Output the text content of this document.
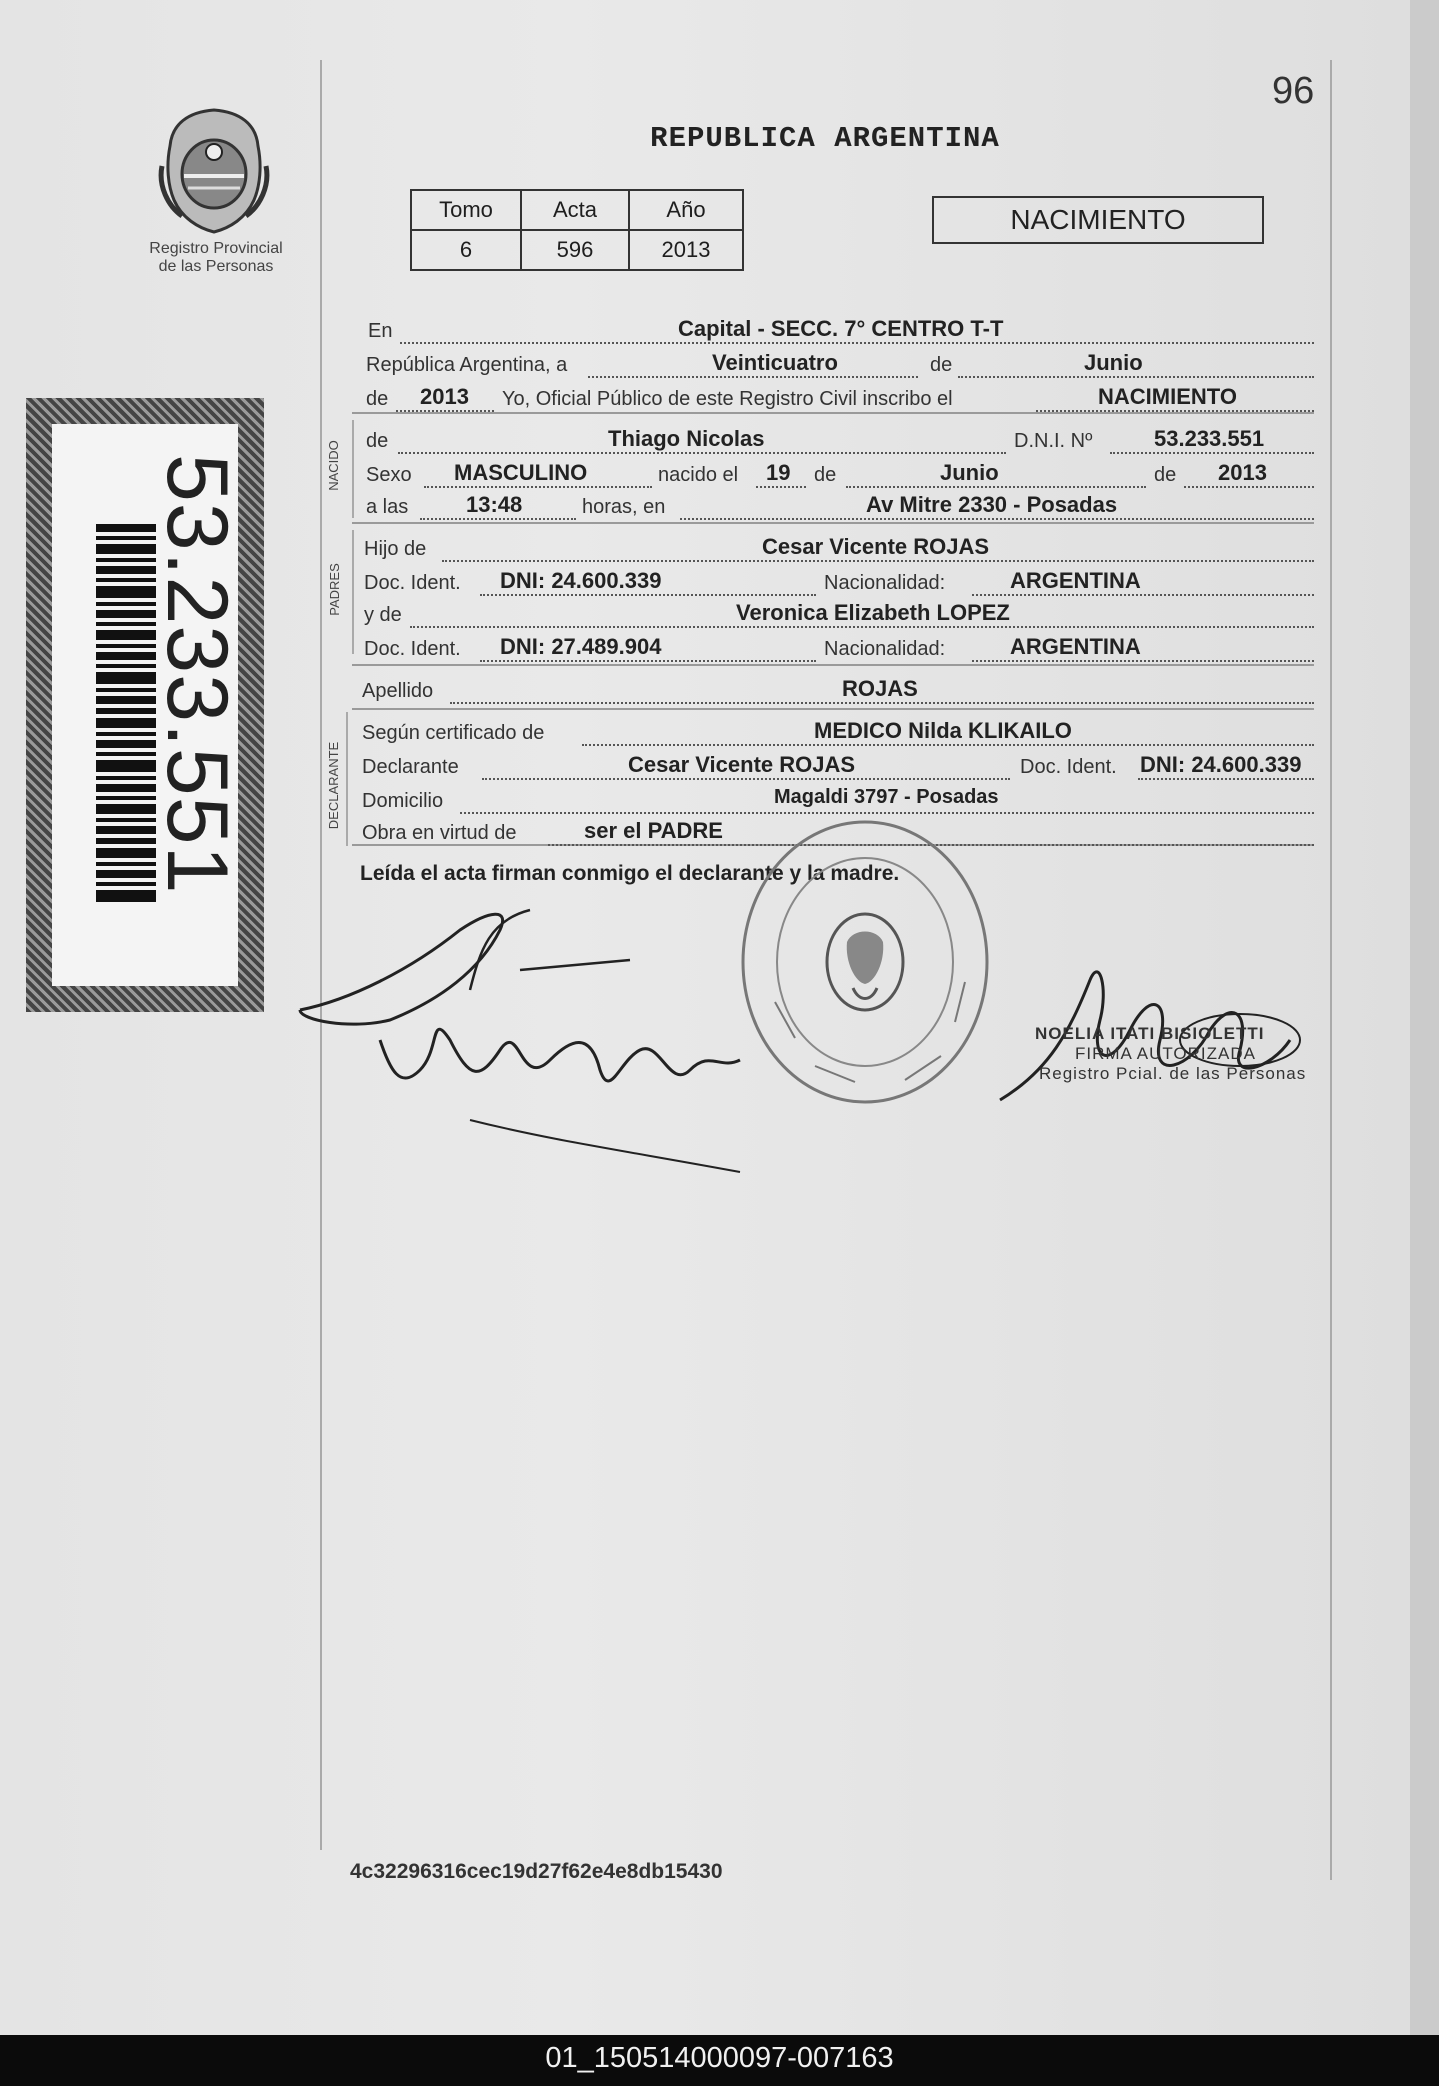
96
REPUBLICA ARGENTINA
Registro Provincial
de las Personas
Tomo	Acta	Año
6	596	2013
NACIMIENTO
53.233.551	NACIDO
PADRES
DECLARANTE
En	Capital - SECC. 7° CENTRO T-T
República Argentina, a	Veinticuatro	de	Junio
de 2013 Yo, Oficial Público de este Registro Civil inscribo el	NACIMIENTO
de	Thiago Nicolas	D.N.I. Nº	53.233.551
Sexo MASCULINO	nacido el 19 de	Junio	de 2013
a las	13:48	horas, en	Av Mitre 2330 - Posadas
Hijo de	Cesar Vicente ROJAS
Doc. Ident. DNI: 24.600.339	Nacionalidad:	ARGENTINA
y de	Veronica Elizabeth LOPEZ
Doc. Ident. DNI: 27.489.904	Nacionalidad:	ARGENTINA
Apellido	ROJAS
Según certificado de	MEDICO Nilda KLIKAILO
Declarante	Cesar Vicente ROJAS	Doc. Ident. DNI: 24.600.339
Domicilio	Magaldi 3797 - Posadas
Obra en virtud de	ser el PADRE
Leída el acta firman conmigo el declarante y la madre.
NOELIA ITATI BISIOLETTI
FIRMA AUTORIZADA
Registro Pcial. de las Personas
4c32296316cec19d27f62e4e8db15430
01_150514000097-007163
